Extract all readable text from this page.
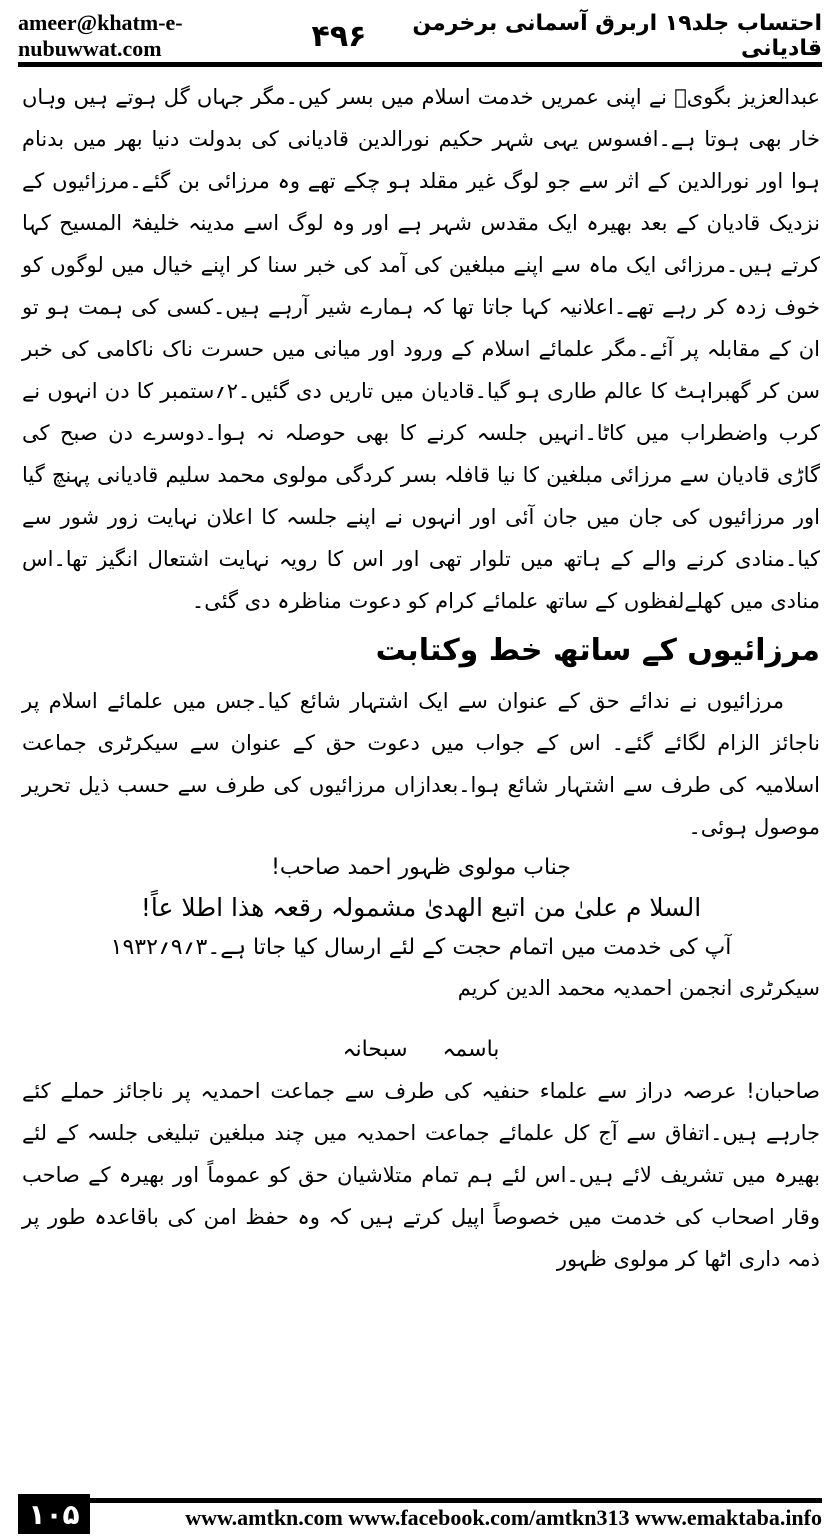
ameer@khatm-e-nubuwwat.com	۴۹۶	احتساب جلد۱۹ اربرق آسمانی برخرمن قادیانی

عبدالعزیز بگویؒ نے اپنی عمریں خدمت اسلام میں بسر کیں۔مگر جہاں گل ہوتے ہیں وہاں خار بھی ہوتا ہے۔افسوس یہی شہر حکیم نورالدین قادیانی کی بدولت دنیا بھر میں بدنام ہوا اور نورالدین کے اثر سے جو لوگ غیر مقلد ہو چکے تھے وہ مرزائی بن گئے۔مرزائیوں کے نزدیک قادیان کے بعد بھیرہ ایک مقدس شہر ہے اور وہ لوگ اسے مدینہ خلیفۃ المسیح کہا کرتے ہیں۔مرزائی ایک ماہ سے اپنے مبلغین کی آمد کی خبر سنا کر اپنے خیال میں لوگوں کو خوف زدہ کر رہے تھے۔اعلانیہ کہا جاتا تھا کہ ہمارے شیر آرہے ہیں۔کسی کی ہمت ہو تو ان کے مقابلہ پر آئے۔مگر علمائے اسلام کے ورود اور میانی میں حسرت ناک ناکامی کی خبر سن کر گھبراہٹ کا عالم طاری ہو گیا۔قادیان میں تاریں دی گئیں۔۲؍ستمبر کا دن انہوں نے کرب واضطراب میں کاٹا۔انہیں جلسہ کرنے کا بھی حوصلہ نہ ہوا۔دوسرے دن صبح کی گاڑی قادیان سے مرزائی مبلغین کا نیا قافلہ بسر کردگی مولوی محمد سلیم قادیانی پہنچ گیا اور مرزائیوں کی جان میں جان آئی اور انہوں نے اپنے جلسہ کا اعلان نہایت زور شور سے کیا۔منادی کرنے والے کے ہاتھ میں تلوار تھی اور اس کا رویہ نہایت اشتعال انگیز تھا۔اس منادی میں کھلےلفظوں کے ساتھ علمائے کرام کو دعوت مناظرہ دی گئی۔

مرزائیوں کے ساتھ خط وکتابت

مرزائیوں نے ندائے حق کے عنوان سے ایک اشتہار شائع کیا۔جس میں علمائے اسلام پر ناجائز الزام لگائے گئے۔ اس کے جواب میں دعوت حق کے عنوان سے سیکرٹری جماعت اسلامیہ کی طرف سے اشتہار شائع ہوا۔بعدازاں مرزائیوں کی طرف سے حسب ذیل تحریر موصول ہوئی۔

جناب مولوی ظہور احمد صاحب!

السلا م علیٰ من اتبع الھدیٰ مشمولہ رقعہ ھذا اطلا عاً!

آپ کی خدمت میں اتمام حجت کے لئے ارسال کیا جاتا ہے۔۳؍۹؍۱۹۳۲

سیکرٹری انجمن احمدیہ محمد الدین کریم

باسمہ سبحانہ

صاحبان! عرصہ دراز سے علماء حنفیہ کی طرف سے جماعت احمدیہ پر ناجائز حملے کئے جارہے ہیں۔اتفاق سے آج کل علمائے جماعت احمدیہ میں چند مبلغین تبلیغی جلسہ کے لئے بھیرہ میں تشریف لائے ہیں۔اس لئے ہم تمام متلاشیان حق کو عموماً اور بھیرہ کے صاحب وقار اصحاب کی خدمت میں خصوصاً اپیل کرتے ہیں کہ وہ حفظ امن کی باقاعدہ طور پر ذمہ داری اٹھا کر مولوی ظہور

۱۰۵	www.amtkn.com www.facebook.com/amtkn313 www.emaktaba.info
